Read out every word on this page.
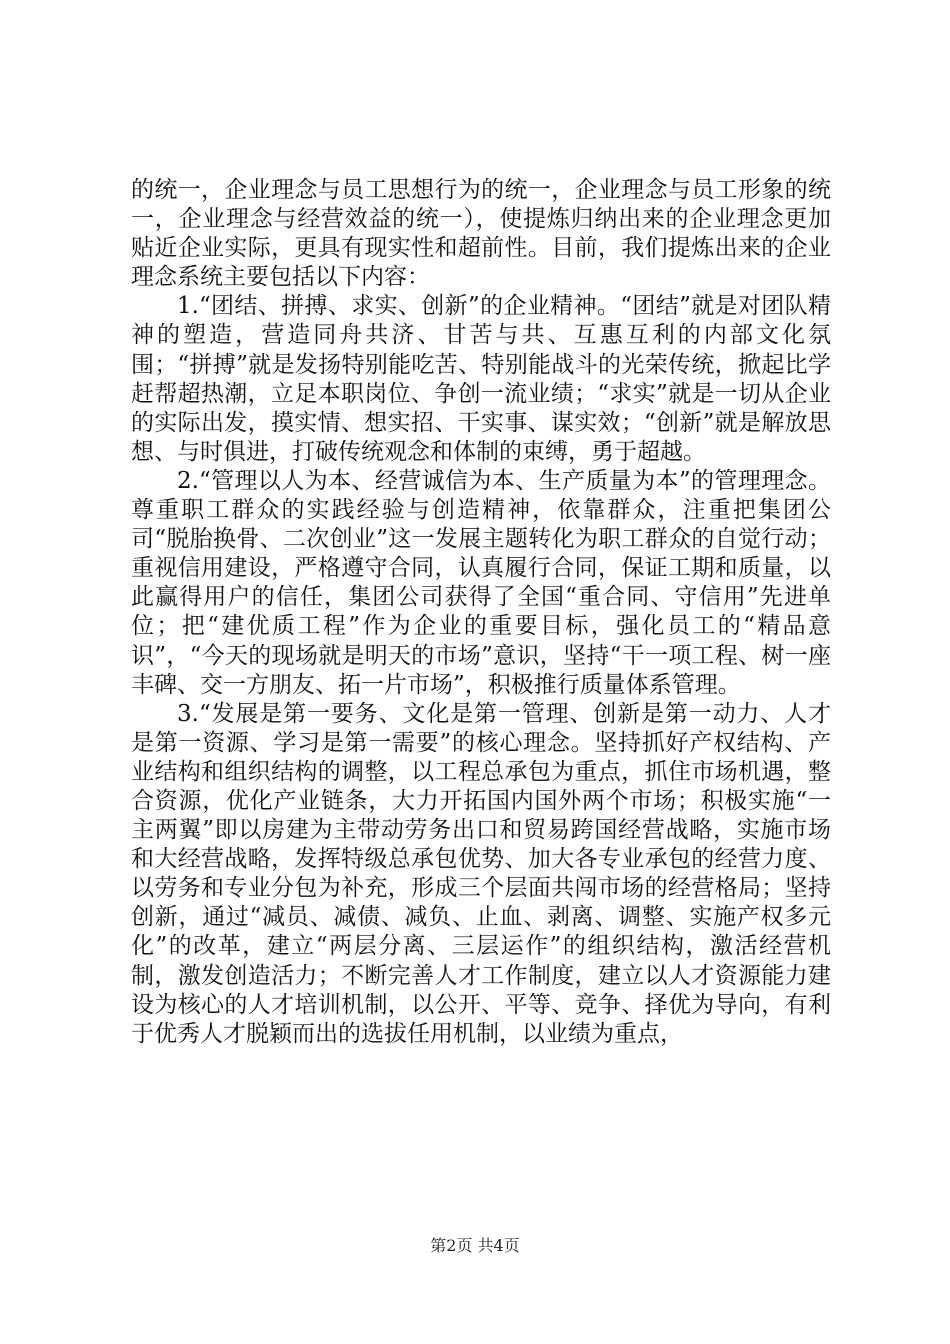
的统一，企业理念与员工思想行为的统一，企业理念与员工形象的统一，企业理念与经营效益的统一），使提炼归纳出来的企业理念更加贴近企业实际，更具有现实性和超前性。目前，我们提炼出来的企业理念系统主要包括以下内容：

1.“团结、拼搏、求实、创新”的企业精神。“团结”就是对团队精神的塑造，营造同舟共济、甘苦与共、互惠互利的内部文化氛围；“拼搏”就是发扬特别能吃苦、特别能战斗的光荣传统，掀起比学赶帮超热潮，立足本职岗位、争创一流业绩；“求实”就是一切从企业的实际出发，摸实情、想实招、干实事、谋实效；“创新”就是解放思想、与时俱进，打破传统观念和体制的束缚，勇于超越。

2.“管理以人为本、经营诚信为本、生产质量为本”的管理理念。尊重职工群众的实践经验与创造精神，依靠群众，注重把集团公司“脱胎换骨、二次创业”这一发展主题转化为职工群众的自觉行动；重视信用建设，严格遵守合同，认真履行合同，保证工期和质量，以此赢得用户的信任，集团公司获得了全国“重合同、守信用”先进单位；把“建优质工程”作为企业的重要目标，强化员工的“精品意识”，“今天的现场就是明天的市场”意识，坚持“干一项工程、树一座丰碑、交一方朋友、拓一片市场”，积极推行质量体系管理。

3.“发展是第一要务、文化是第一管理、创新是第一动力、人才是第一资源、学习是第一需要”的核心理念。坚持抓好产权结构、产业结构和组织结构的调整，以工程总承包为重点，抓住市场机遇，整合资源，优化产业链条，大力开拓国内国外两个市场；积极实施“一主两翼”即以房建为主带动劳务出口和贸易跨国经营战略，实施市场和大经营战略，发挥特级总承包优势、加大各专业承包的经营力度、以劳务和专业分包为补充，形成三个层面共闯市场的经营格局；坚持创新，通过“减员、减债、减负、止血、剥离、调整、实施产权多元化”的改革，建立“两层分离、三层运作”的组织结构，激活经营机制，激发创造活力；不断完善人才工作制度，建立以人才资源能力建设为核心的人才培训机制，以公开、平等、竞争、择优为导向，有利于优秀人才脱颖而出的选拔任用机制，以业绩为重点，

第2页 共4页
